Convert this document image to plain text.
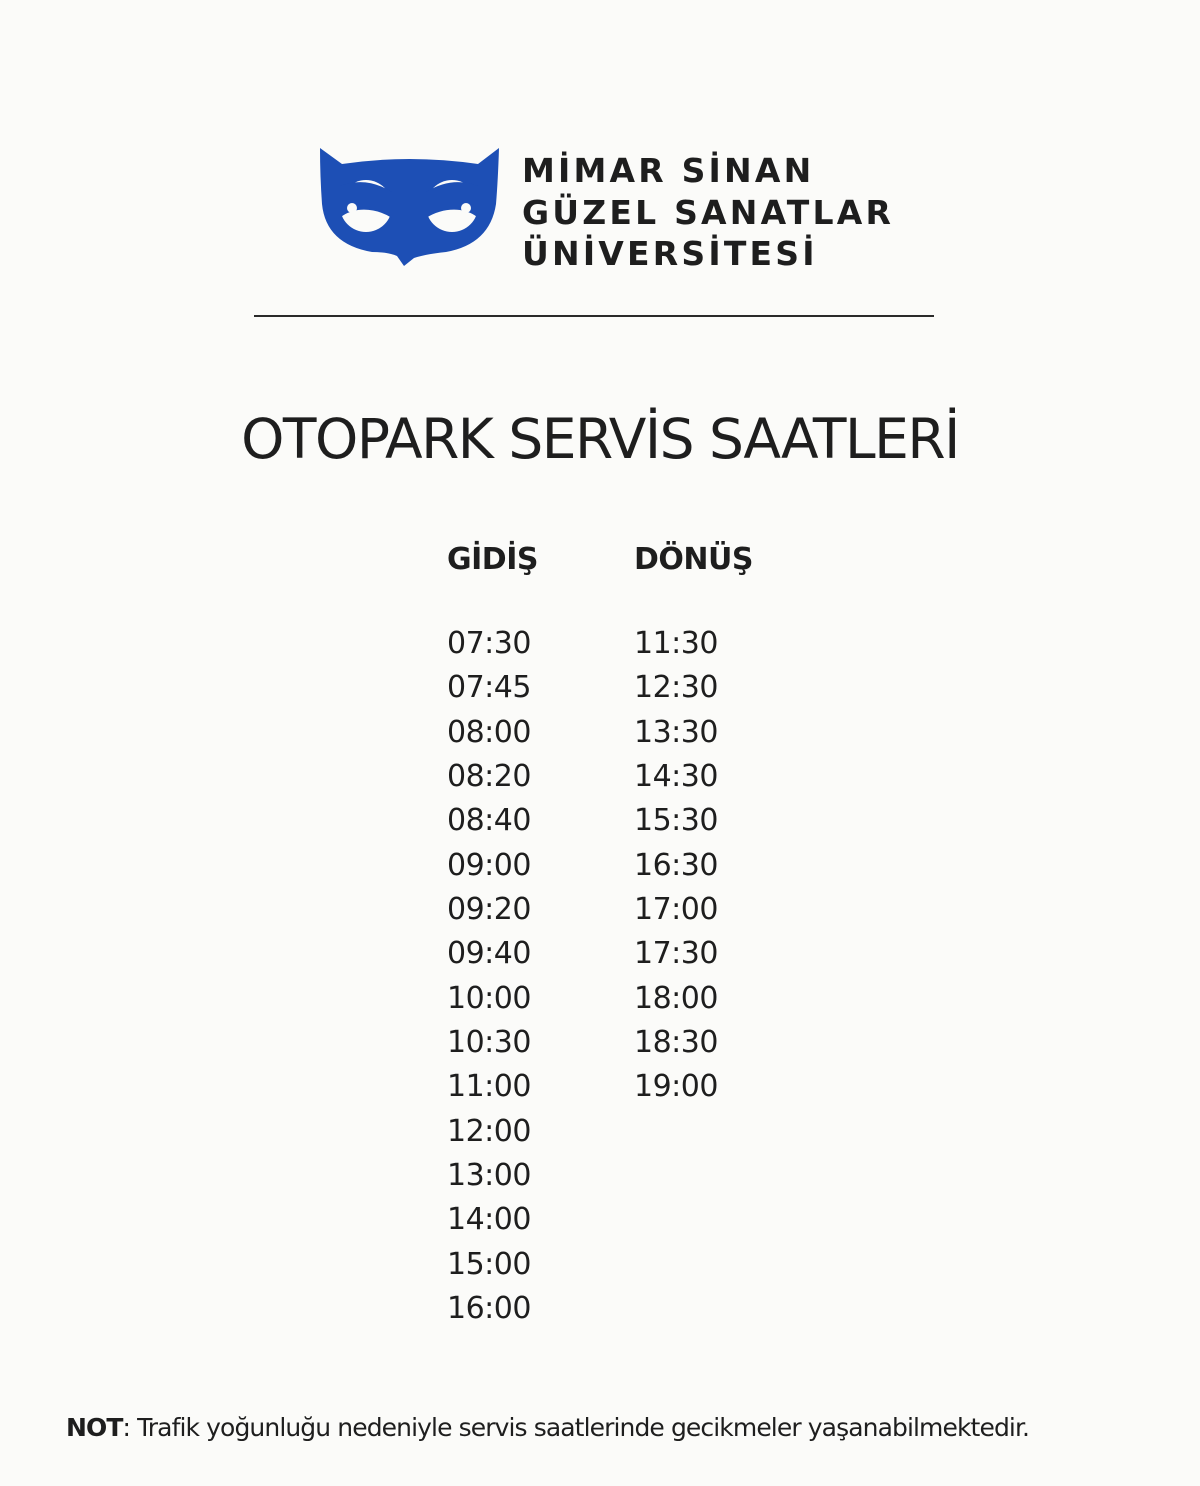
MİMAR SİNAN
GÜZEL SANATLAR
ÜNİVERSİTESİ
OTOPARK SERVİS SAATLERİ
GİDİŞ
07:30
07:45
08:00
08:20
08:40
09:00
09:20
09:40
10:00
10:30
11:00
12:00
13:00
14:00
15:00
16:00
DÖNÜŞ
11:30
12:30
13:30
14:30
15:30
16:30
17:00
17:30
18:00
18:30
19:00
NOT: Trafik yoğunluğu nedeniyle servis saatlerinde gecikmeler yaşanabilmektedir.
